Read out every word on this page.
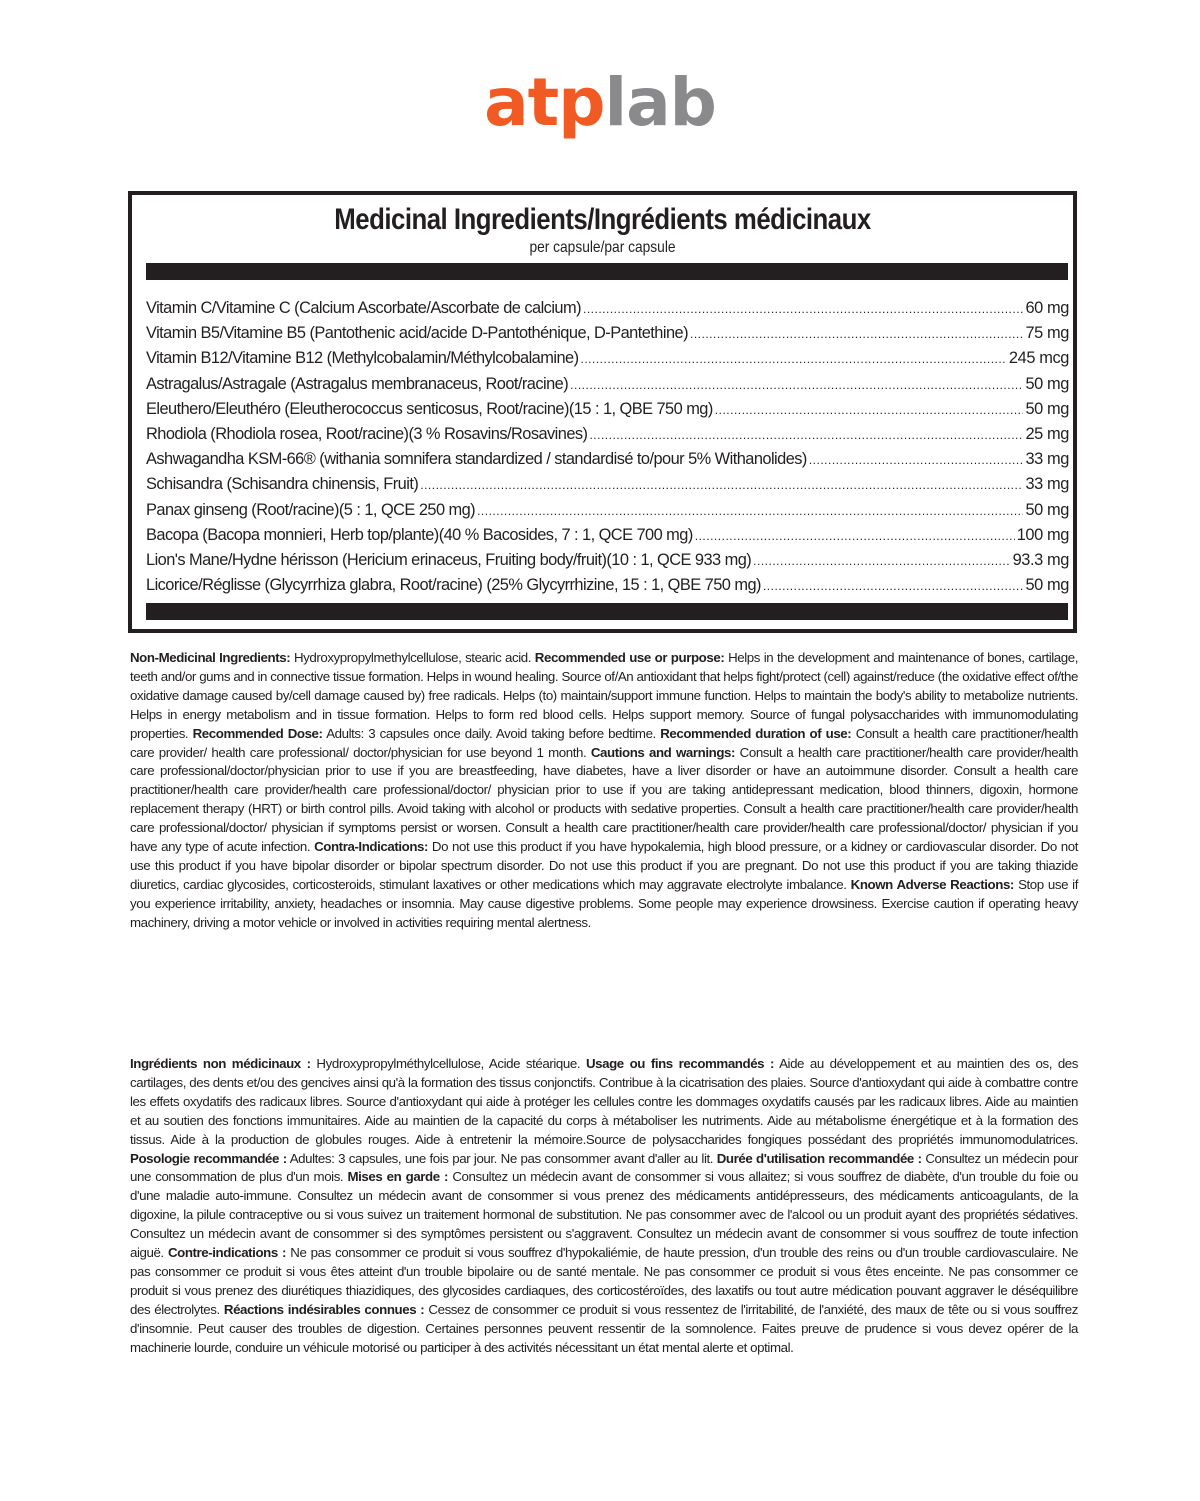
atplab
Medicinal Ingredients/Ingrédients médicinaux
per capsule/par capsule
Vitamin C/Vitamine C (Calcium Ascorbate/Ascorbate de calcium) .....	60 mg
Vitamin B5/Vitamine B5 (Pantothenic acid/acide D-Pantothénique, D-Pantethine) .....	75 mg
Vitamin B12/Vitamine B12 (Methylcobalamin/Méthylcobalamine) .....	245 mcg
Astragalus/Astragale (Astragalus membranaceus, Root/racine) .....	50 mg
Eleuthero/Eleuthéro (Eleutherococcus senticosus, Root/racine)(15 : 1, QBE 750 mg) .....	50 mg
Rhodiola (Rhodiola rosea, Root/racine)(3 % Rosavins/Rosavines) .....	25 mg
Ashwagandha KSM-66® (withania somnifera standardized / standardisé to/pour 5% Withanolides) .....	33 mg
Schisandra (Schisandra chinensis, Fruit) .....	33 mg
Panax ginseng (Root/racine)(5 : 1, QCE 250 mg) .....	50 mg
Bacopa (Bacopa monnieri, Herb top/plante)(40 % Bacosides, 7 : 1, QCE 700 mg) .....	100 mg
Lion's Mane/Hydne hérisson (Hericium erinaceus, Fruiting body/fruit)(10 : 1, QCE 933 mg) .....	93.3 mg
Licorice/Réglisse (Glycyrrhiza glabra, Root/racine) (25% Glycyrrhizine, 15 : 1, QBE 750 mg) .....	50 mg

Non-Medicinal Ingredients: Hydroxypropylmethylcellulose, stearic acid. Recommended use or purpose: Helps in the development and maintenance of bones, cartilage, teeth and/or gums and in connective tissue formation. Helps in wound healing. Source of/An antioxidant that helps fight/protect (cell) against/reduce (the oxidative effect of/the oxidative damage caused by/cell damage caused by) free radicals. Helps (to) maintain/support immune function. Helps to maintain the body's ability to metabolize nutrients. Helps in energy metabolism and in tissue formation. Helps to form red blood cells. Helps support memory. Source of fungal polysaccharides with immunomodulating properties. Recommended Dose: Adults: 3 capsules once daily. Avoid taking before bedtime. Recommended duration of use: Consult a health care practitioner/health care provider/ health care professional/ doctor/physician for use beyond 1 month. Cautions and warnings: Consult a health care practitioner/health care provider/health care professional/doctor/physician prior to use if you are breastfeeding, have diabetes, have a liver disorder or have an autoimmune disorder. Consult a health care practitioner/health care provider/health care professional/doctor/ physician prior to use if you are taking antidepressant medication, blood thinners, digoxin, hormone replacement therapy (HRT) or birth control pills. Avoid taking with alcohol or products with sedative properties. Consult a health care practitioner/health care provider/health care professional/doctor/ physician if symptoms persist or worsen. Consult a health care practitioner/health care provider/health care professional/doctor/ physician if you have any type of acute infection. Contra-Indications: Do not use this product if you have hypokalemia, high blood pressure, or a kidney or cardiovascular disorder. Do not use this product if you have bipolar disorder or bipolar spectrum disorder. Do not use this product if you are pregnant. Do not use this product if you are taking thiazide diuretics, cardiac glycosides, corticosteroids, stimulant laxatives or other medications which may aggravate electrolyte imbalance. Known Adverse Reactions: Stop use if you experience irritability, anxiety, headaches or insomnia. May cause digestive problems. Some people may experience drowsiness. Exercise caution if operating heavy machinery, driving a motor vehicle or involved in activities requiring mental alertness.

Ingrédients non médicinaux : Hydroxypropylméthylcellulose, Acide stéarique. Usage ou fins recommandés : Aide au développement et au maintien des os, des cartilages, des dents et/ou des gencives ainsi qu'à la formation des tissus conjonctifs. Contribue à la cicatrisation des plaies. Source d'antioxydant qui aide à combattre contre les effets oxydatifs des radicaux libres. Source d'antioxydant qui aide à protéger les cellules contre les dommages oxydatifs causés par les radicaux libres. Aide au maintien et au soutien des fonctions immunitaires. Aide au maintien de la capacité du corps à métaboliser les nutriments. Aide au métabolisme énergétique et à la formation des tissus. Aide à la production de globules rouges. Aide à entretenir la mémoire.Source de polysaccharides fongiques possédant des propriétés immunomodulatrices. Posologie recommandée : Adultes: 3 capsules, une fois par jour. Ne pas consommer avant d'aller au lit. Durée d'utilisation recommandée : Consultez un médecin pour une consommation de plus d'un mois. Mises en garde : Consultez un médecin avant de consommer si vous allaitez; si vous souffrez de diabète, d'un trouble du foie ou d'une maladie auto-immune. Consultez un médecin avant de consommer si vous prenez des médicaments antidépresseurs, des médicaments anticoagulants, de la digoxine, la pilule contraceptive ou si vous suivez un traitement hormonal de substitution. Ne pas consommer avec de l'alcool ou un produit ayant des propriétés sédatives. Consultez un médecin avant de consommer si des symptômes persistent ou s'aggravent. Consultez un médecin avant de consommer si vous souffrez de toute infection aiguë. Contre-indications : Ne pas consommer ce produit si vous souffrez d'hypokaliémie, de haute pression, d'un trouble des reins ou d'un trouble cardiovasculaire. Ne pas consommer ce produit si vous êtes atteint d'un trouble bipolaire ou de santé mentale. Ne pas consommer ce produit si vous êtes enceinte. Ne pas consommer ce produit si vous prenez des diurétiques thiazidiques, des glycosides cardiaques, des corticostéroïdes, des laxatifs ou tout autre médication pouvant aggraver le déséquilibre des électrolytes. Réactions indésirables connues : Cessez de consommer ce produit si vous ressentez de l'irritabilité, de l'anxiété, des maux de tête ou si vous souffrez d'insomnie. Peut causer des troubles de digestion. Certaines personnes peuvent ressentir de la somnolence. Faites preuve de prudence si vous devez opérer de la machinerie lourde, conduire un véhicule motorisé ou participer à des activités nécessitant un état mental alerte et optimal.
